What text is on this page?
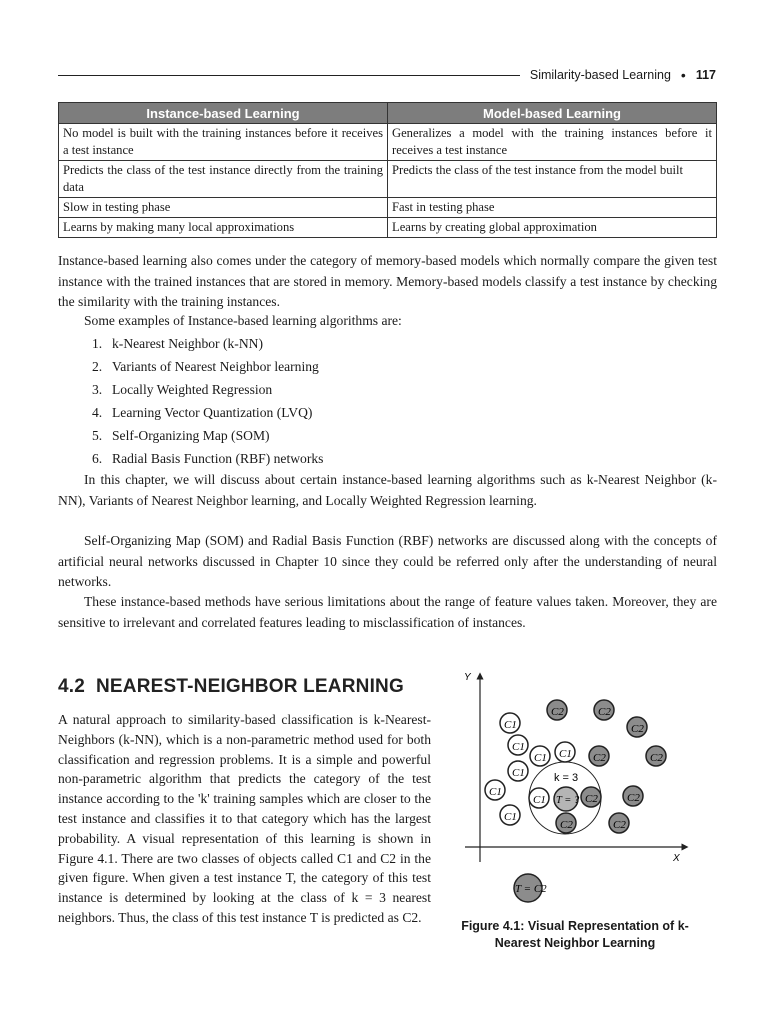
Similarity-based Learning • 117
Instance-based Learning	Model-based Learning
No model is built with the training instances before it receives a test instance	Generalizes a model with the training instances before it receives a test instance
Predicts the class of the test instance directly from the training data	Predicts the class of the test instance from the model built
Slow in testing phase	Fast in testing phase
Learns by making many local approximations	Learns by creating global approximation

Instance-based learning also comes under the category of memory-based models which normally compare the given test instance with the trained instances that are stored in memory. Memory-based models classify a test instance by checking the similarity with the training instances.

Some examples of Instance-based learning algorithms are:

1. k-Nearest Neighbor (k-NN)
2. Variants of Nearest Neighbor learning
3. Locally Weighted Regression
4. Learning Vector Quantization (LVQ)
5. Self-Organizing Map (SOM)
6. Radial Basis Function (RBF) networks

In this chapter, we will discuss about certain instance-based learning algorithms such as k-Nearest Neighbor (k-NN), Variants of Nearest Neighbor learning, and Locally Weighted Regression learning.

Self-Organizing Map (SOM) and Radial Basis Function (RBF) networks are discussed along with the concepts of artificial neural networks discussed in Chapter 10 since they could be referred only after the understanding of neural networks.

These instance-based methods have serious limitations about the range of feature values taken. Moreover, they are sensitive to irrelevant and correlated features leading to misclassification of instances.

4.2 NEAREST-NEIGHBOR LEARNING

A natural approach to similarity-based classification is k-Nearest-Neighbors (k-NN), which is a non-parametric method used for both classification and regression problems. It is a simple and powerful non-parametric algorithm that predicts the category of the test instance according to the 'k' training samples which are closer to the test instance and classifies it to that category which has the largest probability. A visual representation of this learning is shown in Figure 4.1. There are two classes of objects called C1 and C2 in the given figure. When given a test instance T, the category of this test instance is determined by looking at the class of k = 3 nearest neighbors. Thus, the class of this test instance T is predicted as C2.

Y
X
k = 3
C1
C1
C1 C1
C1
C1
C1
C1
C2	C2
C2
C2	C2
C2	C2
C2	C2
T = ?
T = C2
Figure 4.1: Visual Representation of k-Nearest Neighbor Learning
